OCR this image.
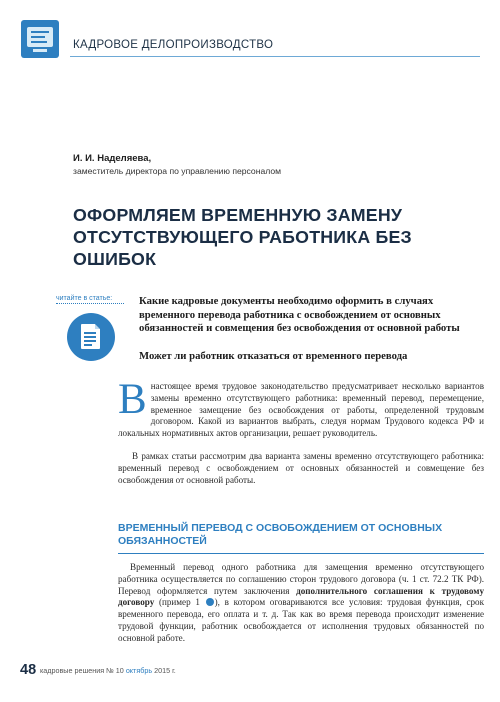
КАДРОВОЕ ДЕЛОПРОИЗВОДСТВО
И. И. Наделяева,
заместитель директора по управлению персоналом
ОФОРМЛЯЕМ ВРЕМЕННУЮ ЗАМЕНУ
ОТСУТСТВУЮЩЕГО РАБОТНИКА БЕЗ ОШИБОК
читайте в статье:	Какие кадровые документы необходимо оформить в случаях временного перевода работника с освобождением от основных обязанностей и совмещения без освобождения от основной работы
Может ли работник отказаться от временного перевода
Внастоящее время трудовое законодательство предусматривает несколько вариантов замены временно отсутствующего работника: временный перевод, перемещение, временное замещение без освобождения от работы, определенной трудовым договором. Какой из вариантов выбрать, следуя нормам Трудового кодекса РФ и локальных нормативных актов организации, решает руководитель.
В рамках статьи рассмотрим два варианта замены временно отсутствующего работника: временный перевод с освобождением от основных обязанностей и совмещение без освобождения от основной работы.
ВРЕМЕННЫЙ ПЕРЕВОД С ОСВОБОЖДЕНИЕМ ОТ ОСНОВНЫХ ОБЯЗАННОСТЕЙ
Временный перевод одного работника для замещения временно отсутствующего работника осуществляется по соглашению сторон трудового договора (ч. 1 ст. 72.2 ТК РФ). Перевод оформляется путем заключения дополнительного соглашения к трудовому договору (пример 1 ), в котором оговариваются все условия: трудовая функция, срок временного перевода, его оплата и т. д. Так как во время перевода происходит изменение трудовой функции, работник освобождается от исполнения трудовых обязанностей по основной работе.
48 кадровые решения № 10 октябрь 2015 г.
